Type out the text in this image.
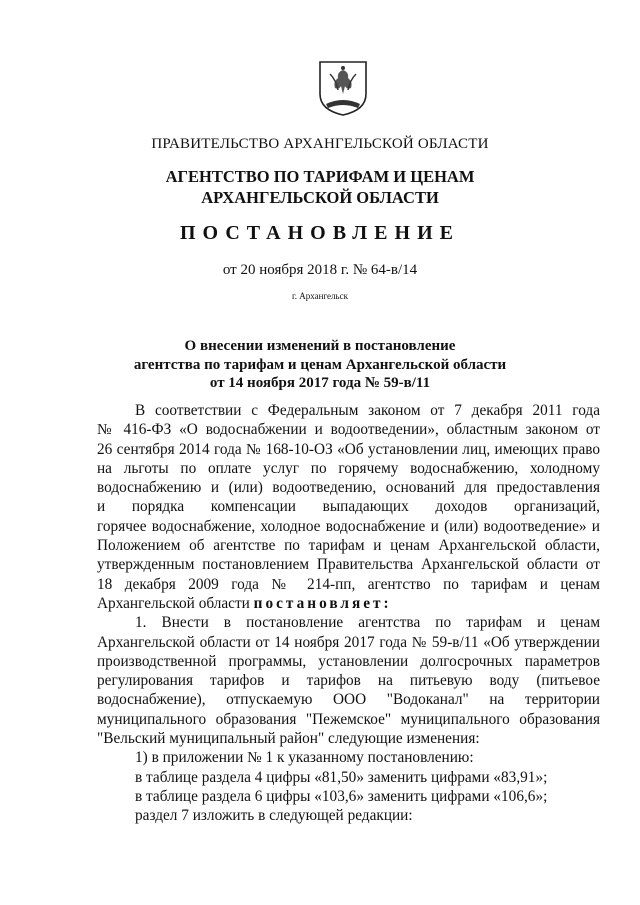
ПРАВИТЕЛЬСТВО АРХАНГЕЛЬСКОЙ ОБЛАСТИ
АГЕНТСТВО ПО ТАРИФАМ И ЦЕНАМ
АРХАНГЕЛЬСКОЙ ОБЛАСТИ
ПОСТАНОВЛЕНИЕ
от 20 ноября 2018 г. № 64-в/14
г. Архангельск
О внесении изменений в постановление
агентства по тарифам и ценам Архангельской области
от 14 ноября 2017 года № 59-в/11
В соответствии с Федеральным законом от 7 декабря 2011 года
№ 416-ФЗ «О водоснабжении и водоотведении», областным законом от
26 сентября 2014 года № 168-10-ОЗ «Об установлении лиц, имеющих право
на льготы по оплате услуг по горячему водоснабжению, холодному
водоснабжению и (или) водоотведению, оснований для предоставления
и порядка компенсации выпадающих доходов организаций,
горячее водоснабжение, холодное водоснабжение и (или) водоотведение» и
Положением об агентстве по тарифам и ценам Архангельской области,
утвержденным постановлением Правительства Архангельской области от
18 декабря 2009 года № 214-пп, агентство по тарифам и ценам
Архангельской области постановляет:
1. Внести в постановление агентства по тарифам и ценам
Архангельской области от 14 ноября 2017 года № 59-в/11 «Об утверждении
производственной программы, установлении долгосрочных параметров
регулирования тарифов и тарифов на питьевую воду (питьевое
водоснабжение), отпускаемую ООО "Водоканал" на территории
муниципального образования "Пежемское" муниципального образования
"Вельский муниципальный район" следующие изменения:
1) в приложении № 1 к указанному постановлению:
в таблице раздела 4 цифры «81,50» заменить цифрами «83,91»;
в таблице раздела 6 цифры «103,6» заменить цифрами «106,6»;
раздел 7 изложить в следующей редакции:
